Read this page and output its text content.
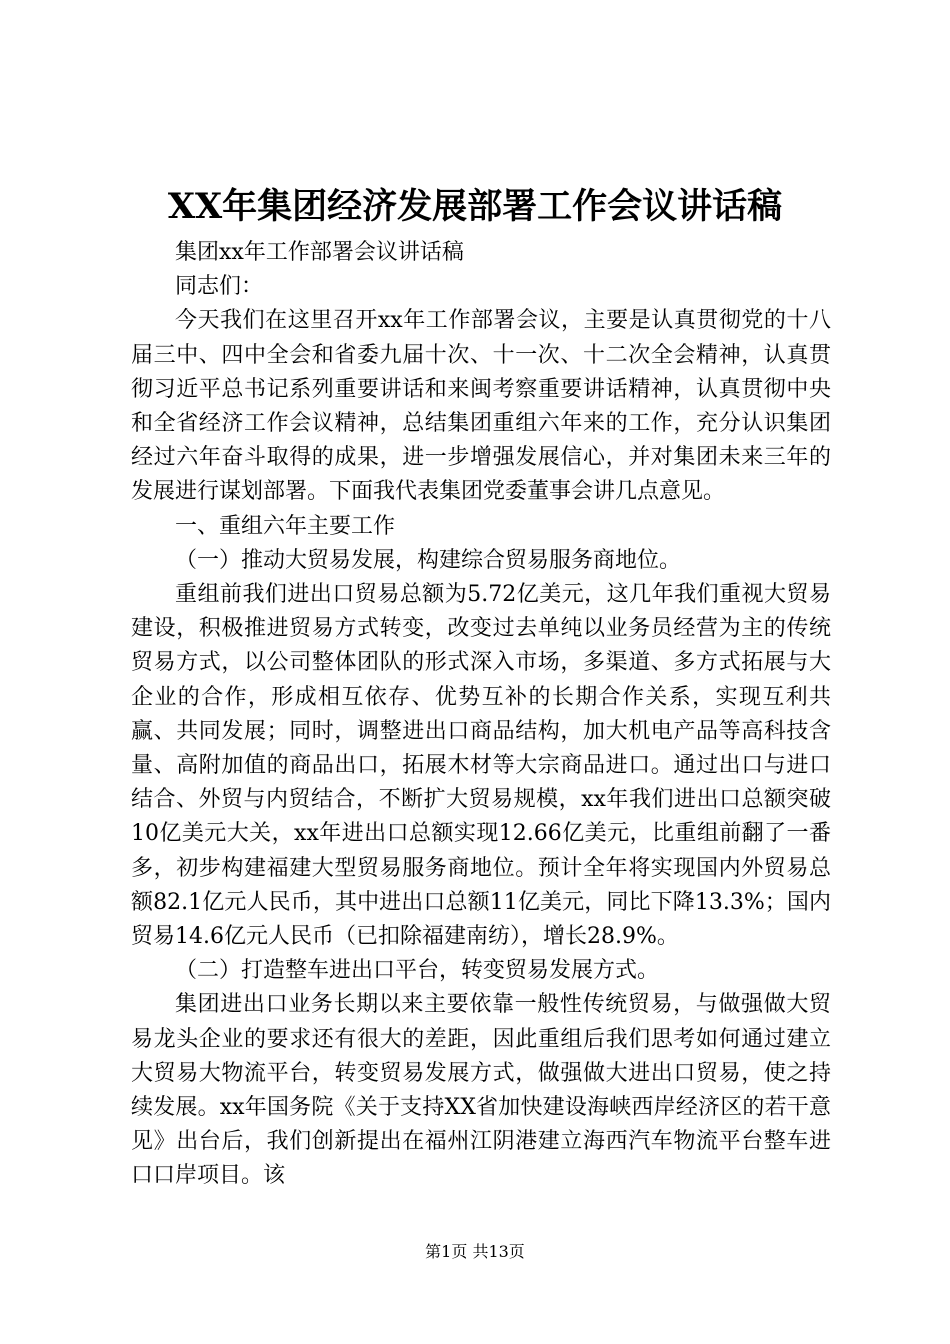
XX年集团经济发展部署工作会议讲话稿

集团xx年工作部署会议讲话稿

同志们：

今天我们在这里召开xx年工作部署会议，主要是认真贯彻党的十八届三中、四中全会和省委九届十次、十一次、十二次全会精神，认真贯彻习近平总书记系列重要讲话和来闽考察重要讲话精神，认真贯彻中央和全省经济工作会议精神，总结集团重组六年来的工作，充分认识集团经过六年奋斗取得的成果，进一步增强发展信心，并对集团未来三年的发展进行谋划部署。下面我代表集团党委董事会讲几点意见。

一、重组六年主要工作

（一）推动大贸易发展，构建综合贸易服务商地位。

重组前我们进出口贸易总额为5.72亿美元，这几年我们重视大贸易建设，积极推进贸易方式转变，改变过去单纯以业务员经营为主的传统贸易方式，以公司整体团队的形式深入市场，多渠道、多方式拓展与大企业的合作，形成相互依存、优势互补的长期合作关系，实现互利共赢、共同发展；同时，调整进出口商品结构，加大机电产品等高科技含量、高附加值的商品出口，拓展木材等大宗商品进口。通过出口与进口结合、外贸与内贸结合，不断扩大贸易规模，xx年我们进出口总额突破10亿美元大关，xx年进出口总额实现12.66亿美元，比重组前翻了一番多，初步构建福建大型贸易服务商地位。预计全年将实现国内外贸易总额82.1亿元人民币，其中进出口总额11亿美元，同比下降13.3%；国内贸易14.6亿元人民币（已扣除福建南纺），增长28.9%。

（二）打造整车进出口平台，转变贸易发展方式。

集团进出口业务长期以来主要依靠一般性传统贸易，与做强做大贸易龙头企业的要求还有很大的差距，因此重组后我们思考如何通过建立大贸易大物流平台，转变贸易发展方式，做强做大进出口贸易，使之持续发展。xx年国务院《关于支持XX省加快建设海峡西岸经济区的若干意见》出台后，我们创新提出在福州江阴港建立海西汽车物流平台整车进口口岸项目。该

第1页 共13页
